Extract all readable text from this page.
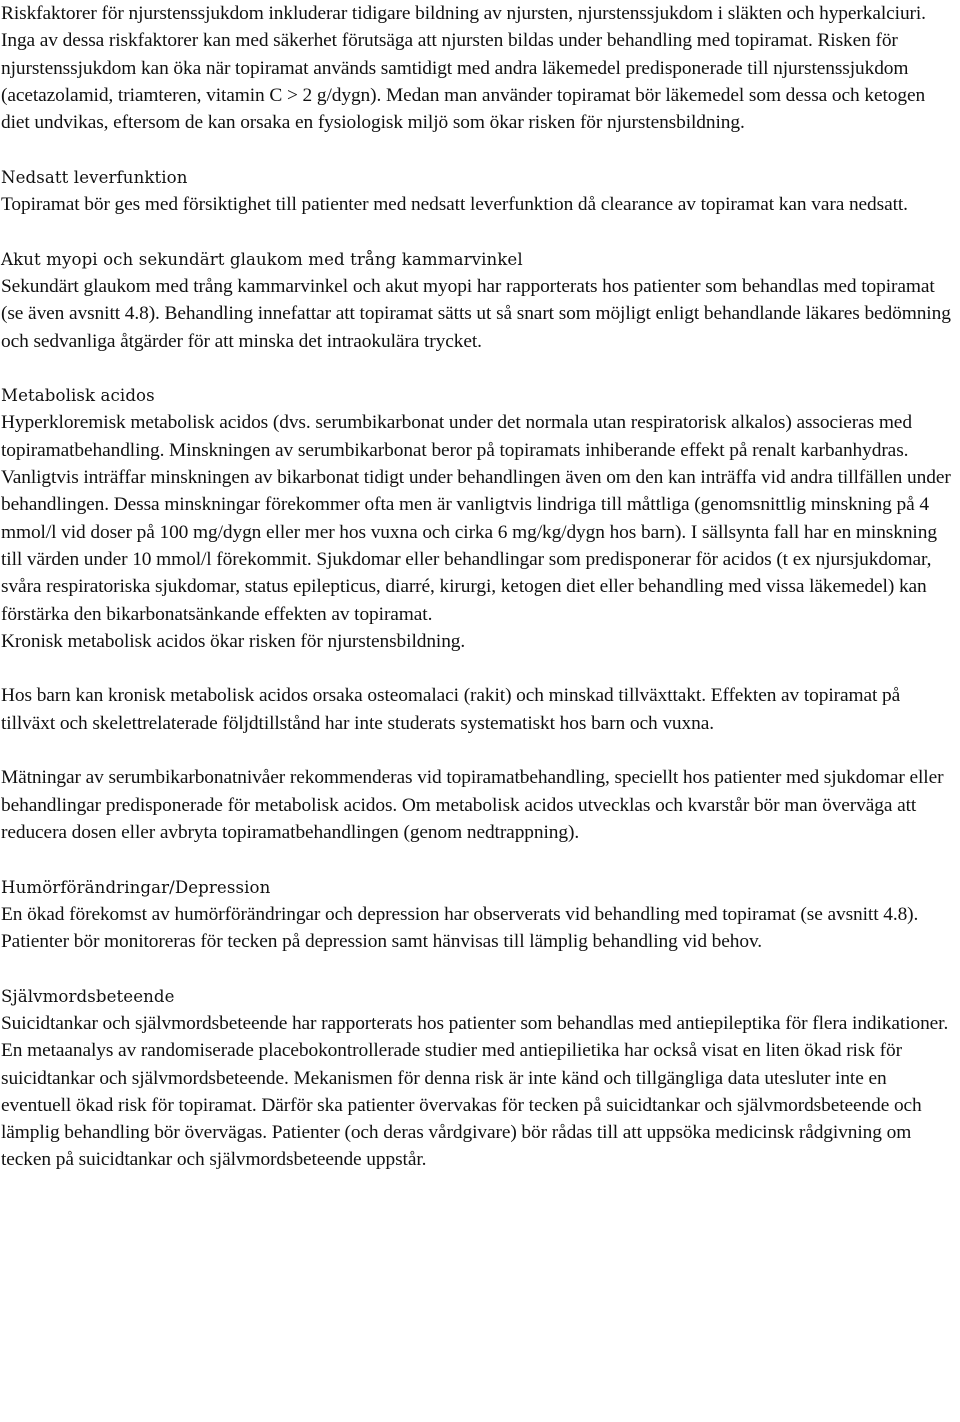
Riskfaktorer för njurstenssjukdom inkluderar tidigare bildning av njursten, njurstenssjukdom i släkten och hyperkalciuri. Inga av dessa riskfaktorer kan med säkerhet förutsäga att njursten bildas under behandling med topiramat. Risken för njurstenssjukdom kan öka när topiramat används samtidigt med andra läkemedel predisponerade till njurstenssjukdom (acetazolamid, triamteren, vitamin C > 2 g/dygn). Medan man använder topiramat bör läkemedel som dessa och ketogen diet undvikas, eftersom de kan orsaka en fysiologisk miljö som ökar risken för njurstensbildning.

Nedsatt leverfunktion

Topiramat bör ges med försiktighet till patienter med nedsatt leverfunktion då clearance av topiramat kan vara nedsatt.

Akut myopi och sekundärt glaukom med trång kammarvinkel

Sekundärt glaukom med trång kammarvinkel och akut myopi har rapporterats hos patienter som behandlas med topiramat (se även avsnitt 4.8). Behandling innefattar att topiramat sätts ut så snart som möjligt enligt behandlande läkares bedömning och sedvanliga åtgärder för att minska det intraokulära trycket.

Metabolisk acidos

Hyperkloremisk metabolisk acidos (dvs. serumbikarbonat under det normala utan respiratorisk alkalos) associeras med topiramatbehandling. Minskningen av serumbikarbonat beror på topiramats inhiberande effekt på renalt karbanhydras. Vanligtvis inträffar minskningen av bikarbonat tidigt under behandlingen även om den kan inträffa vid andra tillfällen under behandlingen. Dessa minskningar förekommer ofta men är vanligtvis lindriga till måttliga (genomsnittlig minskning på 4 mmol/l vid doser på 100 mg/dygn eller mer hos vuxna och cirka 6 mg/kg/dygn hos barn). I sällsynta fall har en minskning till värden under 10 mmol/l förekommit. Sjukdomar eller behandlingar som predisponerar för acidos (t ex njursjukdomar, svåra respiratoriska sjukdomar, status epilepticus, diarré, kirurgi, ketogen diet eller behandling med vissa läkemedel) kan förstärka den bikarbonatsänkande effekten av topiramat.

Kronisk metabolisk acidos ökar risken för njurstensbildning.

Hos barn kan kronisk metabolisk acidos orsaka osteomalaci (rakit) och minskad tillväxttakt. Effekten av topiramat på tillväxt och skelettrelaterade följdtillstånd har inte studerats systematiskt hos barn och vuxna.

Mätningar av serumbikarbonatnivåer rekommenderas vid topiramatbehandling, speciellt hos patienter med sjukdomar eller behandlingar predisponerade för metabolisk acidos. Om metabolisk acidos utvecklas och kvarstår bör man överväga att reducera dosen eller avbryta topiramatbehandlingen (genom nedtrappning).

Humörförändringar/Depression

En ökad förekomst av humörförändringar och depression har observerats vid behandling med topiramat (se avsnitt 4.8). Patienter bör monitoreras för tecken på depression samt hänvisas till lämplig behandling vid behov.

Självmordsbeteende

Suicidtankar och självmordsbeteende har rapporterats hos patienter som behandlas med antiepileptika för flera indikationer. En metaanalys av randomiserade placebokontrollerade studier med antiepilietika har också visat en liten ökad risk för suicidtankar och självmordsbeteende. Mekanismen för denna risk är inte känd och tillgängliga data utesluter inte en eventuell ökad risk för topiramat. Därför ska patienter övervakas för tecken på suicidtankar och självmordsbeteende och lämplig behandling bör övervägas. Patienter (och deras vårdgivare) bör rådas till att uppsöka medicinsk rådgivning om tecken på suicidtankar och självmordsbeteende uppstår.
